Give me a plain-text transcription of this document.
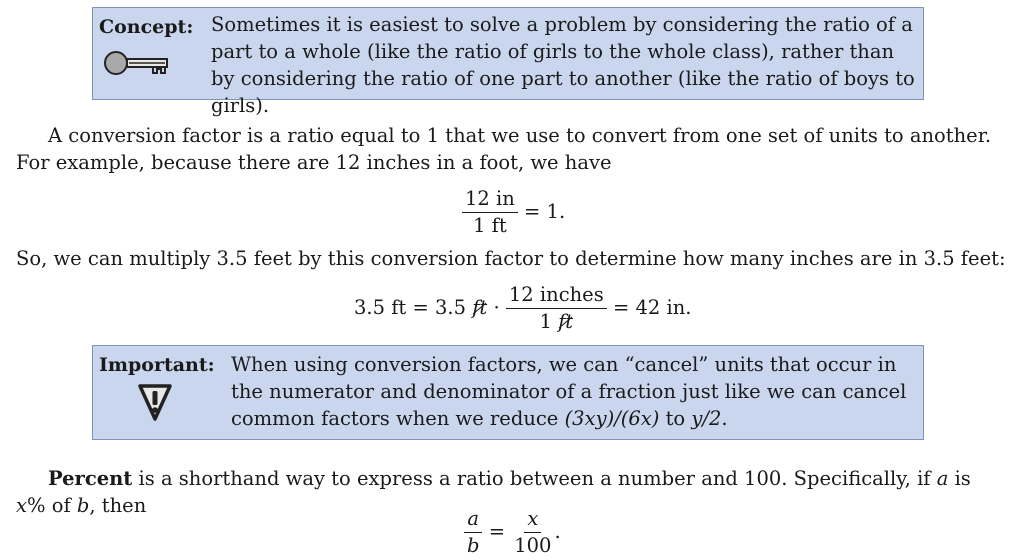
Concept: Sometimes it is easiest to solve a problem by considering the ratio of a part to a whole (like the ratio of girls to the whole class), rather than by considering the ratio of one part to another (like the ratio of boys to girls).
A conversion factor is a ratio equal to 1 that we use to convert from one set of units to another. For example, because there are 12 inches in a foot, we have
$\frac{12 in}{1 ft} = 1$.
So, we can multiply 3.5 feet by this conversion factor to determine how many inches are in 3.5 feet:
3.5 ft = 3.5 ft · $\frac{\text{12 inches}}{1 ft} = 42$ in.
Important: When using conversion factors, we can “cancel” units that occur in the numerator and denominator of a fraction just like we can cancel common factors when we reduce (3xy)/(6x) to y/2.
Percent is a shorthand way to express a ratio between a number and 100. Specifically, if a is x% of b, then
$\frac{a}{b} = \frac{x}{100}$ .
